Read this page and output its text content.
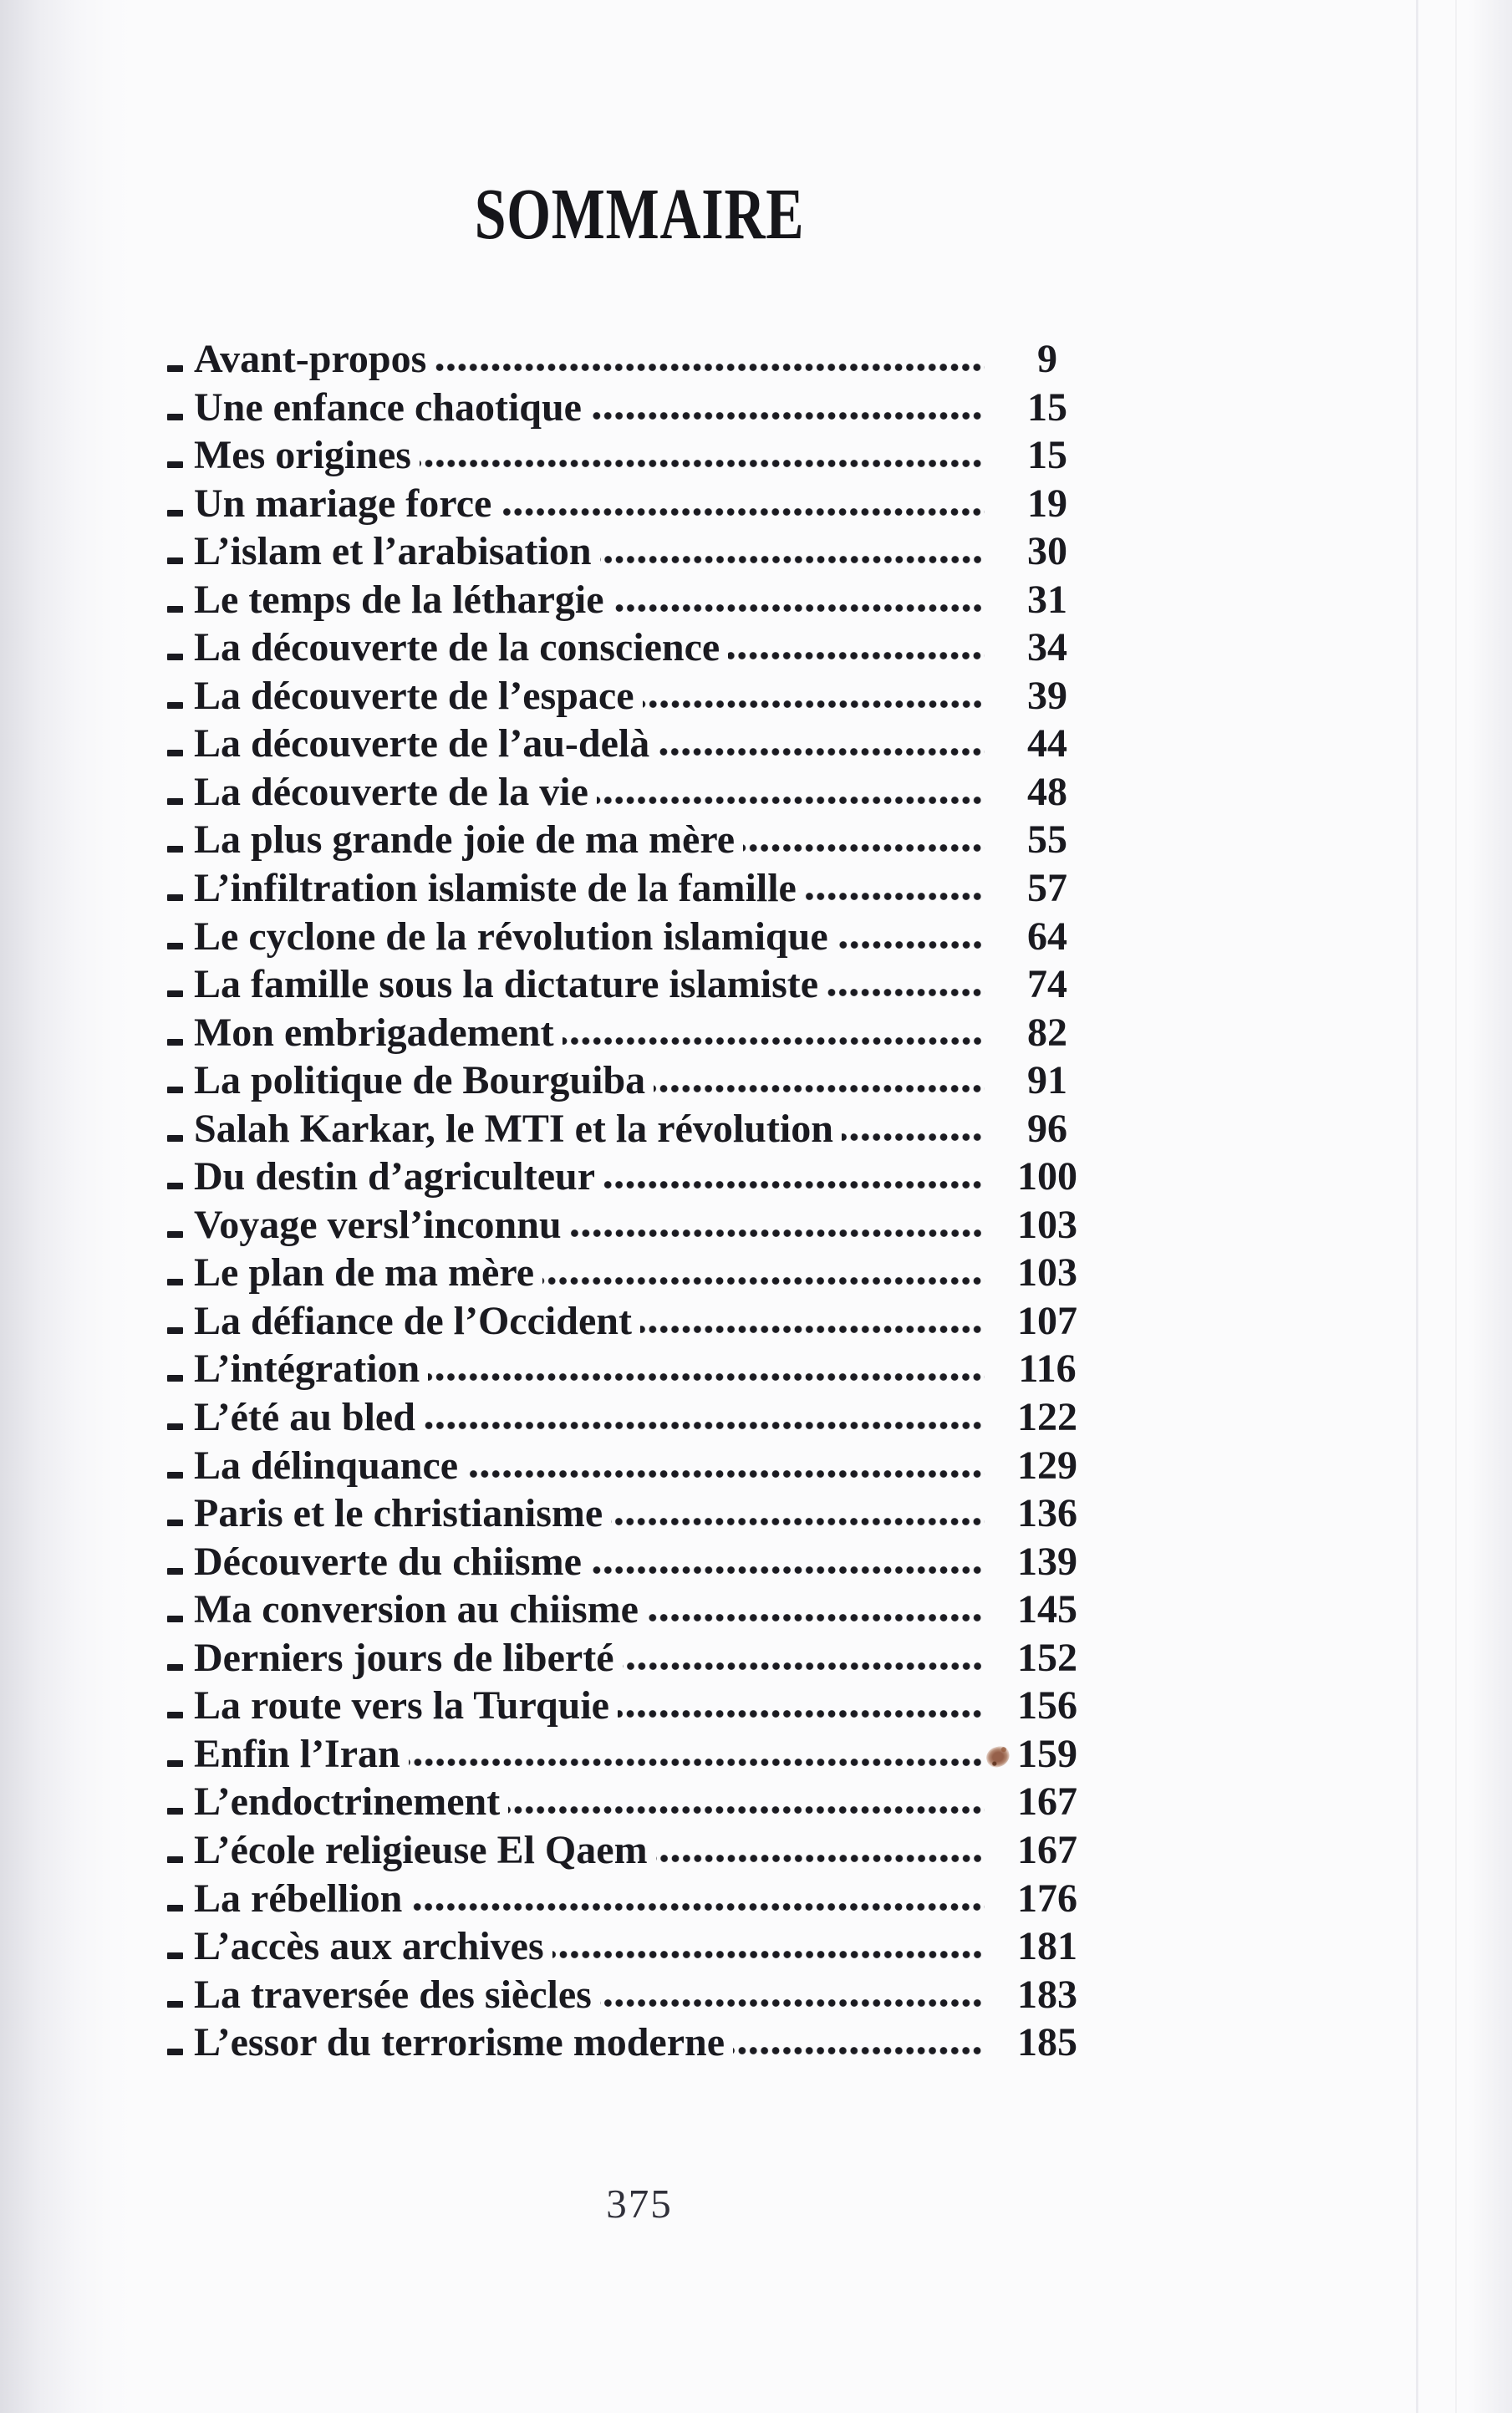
SOMMAIRE
Avant-propos	9
Une enfance chaotique	15
Mes origines	15
Un mariage force	19
L’islam et l’arabisation	30
Le temps de la léthargie	31
La découverte de la conscience	34
La découverte de l’espace	39
La découverte de l’au-delà	44
La découverte de la vie	48
La plus grande joie de ma mère	55
L’infiltration islamiste de la famille	57
Le cyclone de la révolution islamique	64
La famille sous la dictature islamiste	74
Mon embrigadement	82
La politique de Bourguiba	91
Salah Karkar, le MTI et la révolution	96
Du destin d’agriculteur	100
Voyage versl’inconnu	103
Le plan de ma mère	103
La défiance de l’Occident	107
L’intégration	116
L’été au bled	122
La délinquance	129
Paris et le christianisme	136
Découverte du chiisme	139
Ma conversion au chiisme	145
Derniers jours de liberté	152
La route vers la Turquie	156
Enfin l’Iran	159
L’endoctrinement	167
L’école religieuse El Qaem	167
La rébellion	176
L’accès aux archives	181
La traversée des siècles	183
L’essor du terrorisme moderne	185
375
